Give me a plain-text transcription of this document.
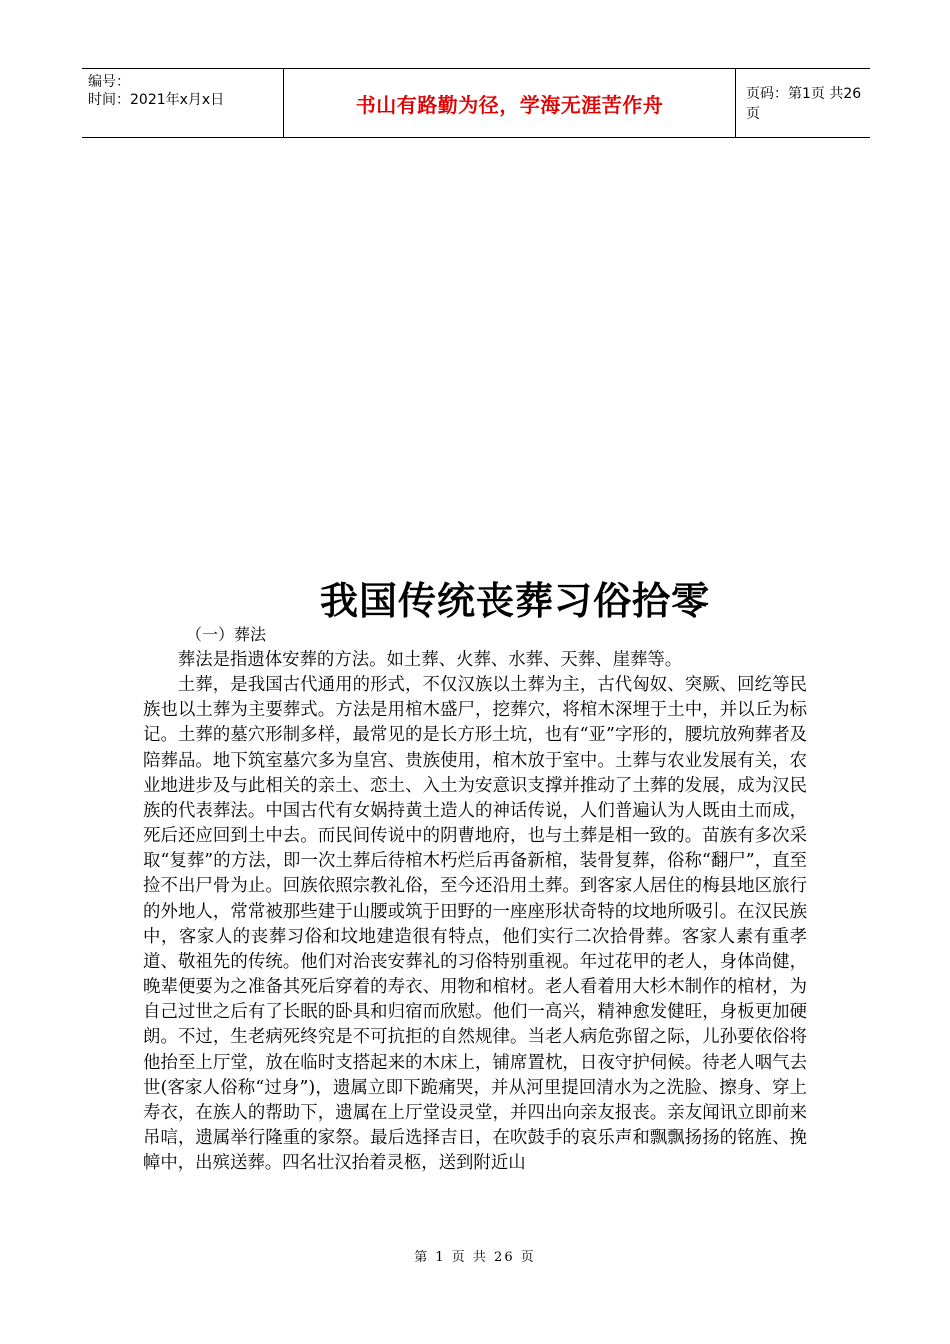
编号：
时间：2021年x月x日	书山有路勤为径，学海无涯苦作舟	页码：第1页 共26页
我国传统丧葬习俗拾零
（一）葬法

葬法是指遗体安葬的方法。如土葬、火葬、水葬、天葬、崖葬等。

土葬，是我国古代通用的形式，不仅汉族以土葬为主，古代匈奴、突厥、回纥等民族也以土葬为主要葬式。方法是用棺木盛尸，挖葬穴，将棺木深埋于土中，并以丘为标记。土葬的墓穴形制多样，最常见的是长方形土坑，也有“亚”字形的，腰坑放殉葬者及陪葬品。地下筑室墓穴多为皇宫、贵族使用，棺木放于室中。土葬与农业发展有关，农业地进步及与此相关的亲土、恋土、入土为安意识支撑并推动了土葬的发展，成为汉民族的代表葬法。中国古代有女娲持黄土造人的神话传说，人们普遍认为人既由土而成，死后还应回到土中去。而民间传说中的阴曹地府，也与土葬是相一致的。苗族有多次采取“复葬”的方法，即一次土葬后待棺木朽烂后再备新棺，装骨复葬，俗称“翻尸”，直至捡不出尸骨为止。回族依照宗教礼俗，至今还沿用土葬。到客家人居住的梅县地区旅行的外地人，常常被那些建于山腰或筑于田野的一座座形状奇特的坟地所吸引。在汉民族中，客家人的丧葬习俗和坟地建造很有特点，他们实行二次拾骨葬。客家人素有重孝道、敬祖先的传统。他们对治丧安葬礼的习俗特别重视。年过花甲的老人，身体尚健，晚辈便要为之准备其死后穿着的寿衣、用物和棺材。老人看着用大杉木制作的棺材，为自己过世之后有了长眠的卧具和归宿而欣慰。他们一高兴，精神愈发健旺，身板更加硬朗。不过，生老病死终究是不可抗拒的自然规律。当老人病危弥留之际，儿孙要依俗将他抬至上厅堂，放在临时支搭起来的木床上，铺席置枕，日夜守护伺候。待老人咽气去世(客家人俗称“过身”)，遗属立即下跪痛哭，并从河里提回清水为之洗脸、擦身、穿上寿衣，在族人的帮助下，遗属在上厅堂设灵堂，并四出向亲友报丧。亲友闻讯立即前来吊唁，遗属举行隆重的家祭。最后选择吉日，在吹鼓手的哀乐声和飘飘扬扬的铭旌、挽幛中，出殡送葬。四名壮汉抬着灵柩，送到附近山

第 1 页 共 26 页
